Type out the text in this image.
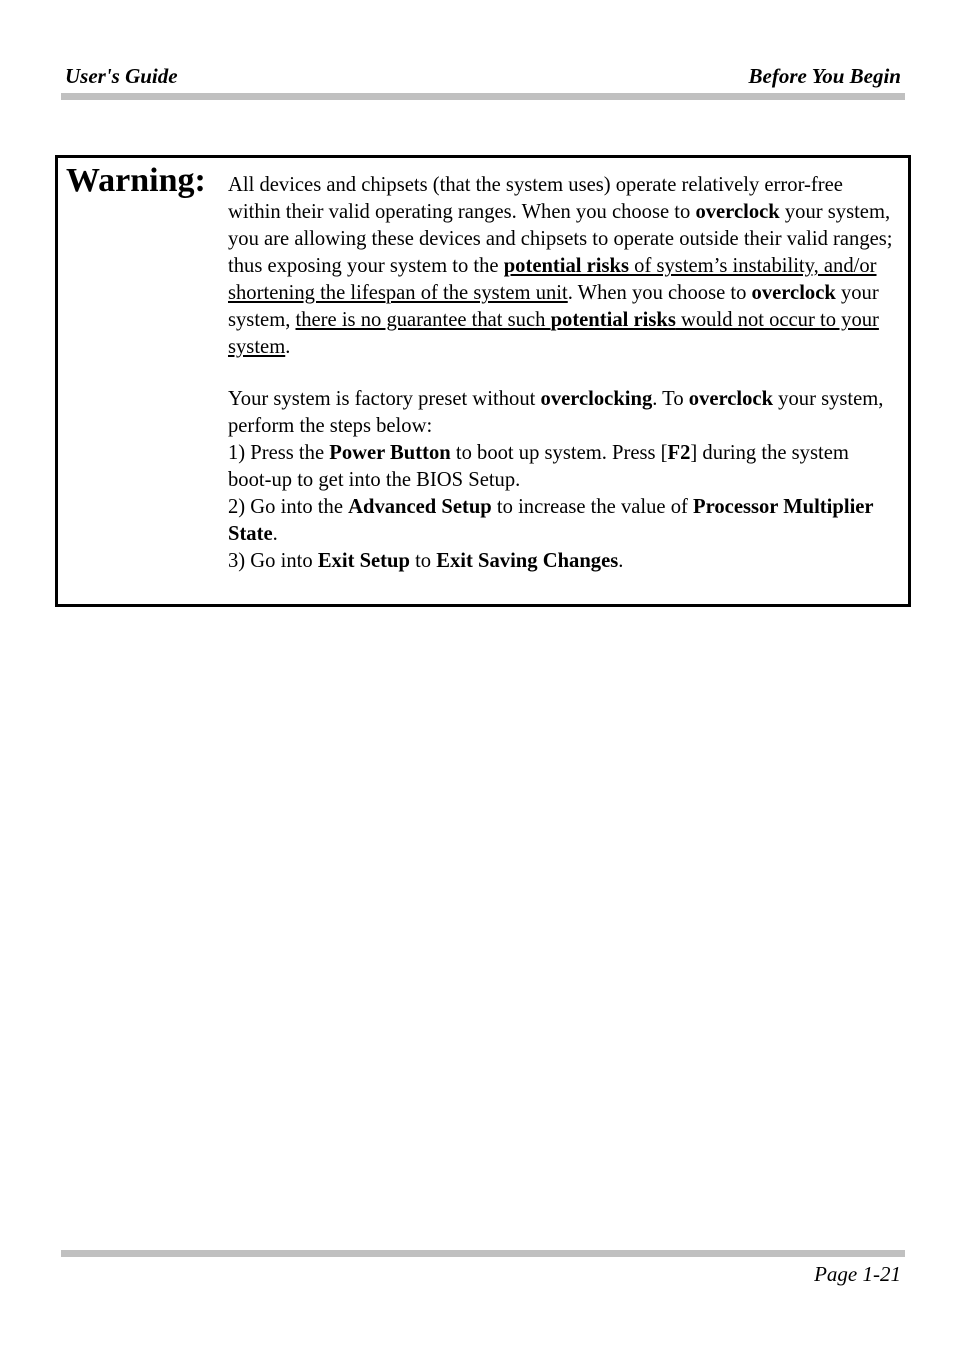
User's Guide	Before You Begin
Warning: All devices and chipsets (that the system uses) operate relatively error-free within their valid operating ranges. When you choose to overclock your system, you are allowing these devices and chipsets to operate outside their valid ranges; thus exposing your system to the potential risks of system’s instability, and/or shortening the lifespan of the system unit. When you choose to overclock your system, there is no guarantee that such potential risks would not occur to your system.

Your system is factory preset without overclocking. To overclock your system, perform the steps below:

1) Press the Power Button to boot up system. Press [F2] during the system boot-up to get into the BIOS Setup.

2) Go into the Advanced Setup to increase the value of Processor Multiplier State.

3) Go into Exit Setup to Exit Saving Changes.

Page 1-21
